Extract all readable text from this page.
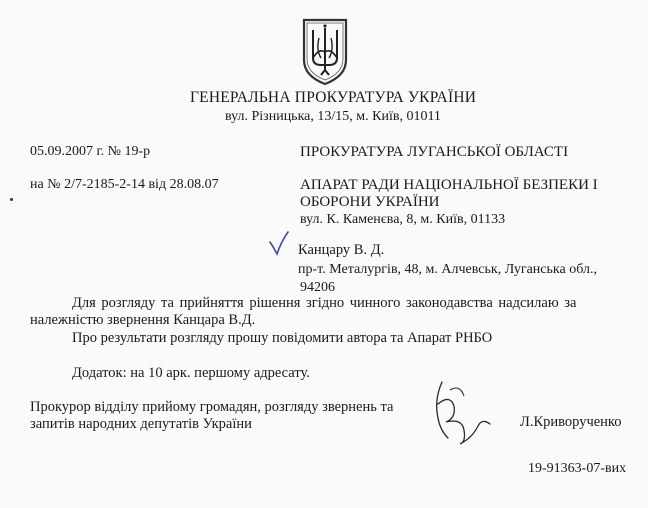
ГЕНЕРАЛЬНА ПРОКУРАТУРА УКРАЇНИ
вул. Різницька, 13/15, м. Київ, 01011
05.09.2007 г. № 19-р
на № 2/7-2185-2-14 від 28.08.07
ПРОКУРАТУРА ЛУГАНСЬКОЇ ОБЛАСТІ
АПАРАТ РАДИ НАЦІОНАЛЬНОЇ БЕЗПЕКИ І
ОБОРОНИ УКРАЇНИ
вул. К. Каменєва, 8, м. Київ, 01133
Канцару В. Д.
пр-т. Металургів, 48, м. Алчевськ, Луганська обл.,
94206
Для розгляду та прийняття рішення згідно чинного законодавства надсилаю за
належністю звернення Канцара В.Д.
Про результати розгляду прошу повідомити автора та Апарат РНБО
Додаток: на 10 арк. першому адресату.
Прокурор відділу прийому громадян, розгляду звернень та
запитів народних депутатів України	Л.Криворученко
19-91363-07-вих
